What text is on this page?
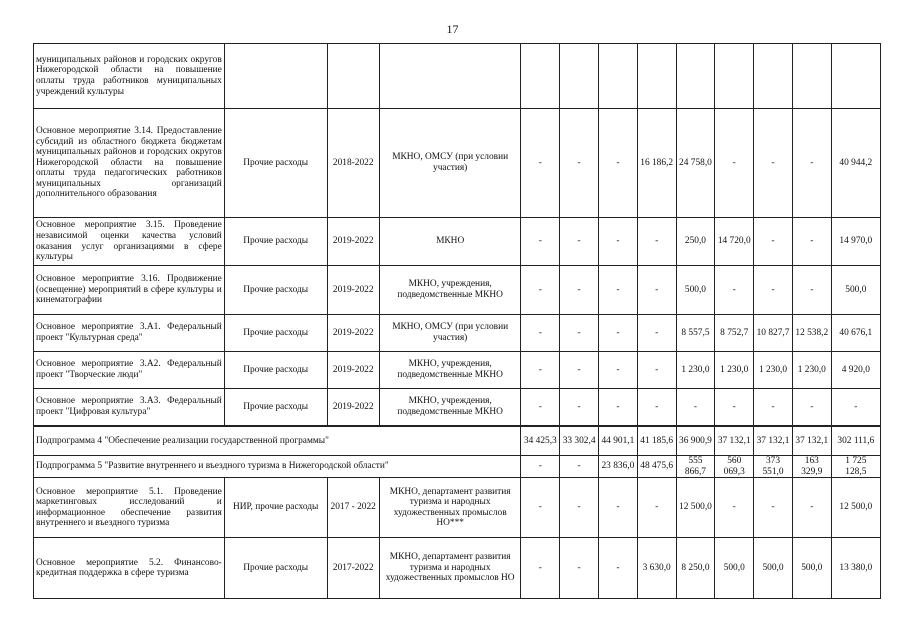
17
муниципальных районов и городских округов Нижегородской области на повышение оплаты труда работников муниципальных учреждений культуры												
Основное мероприятие 3.14. Предоставление субсидий из областного бюджета бюджетам муниципальных районов и городских округов Нижегородской области на повышение оплаты труда педагогических работников муниципальных организаций дополнительного образования	Прочие расходы	2018-2022	МКНО, ОМСУ (при условии участия)	-	-	-	16 186,2	24 758,0	-	-	-	40 944,2
Основное мероприятие 3.15. Проведение независимой оценки качества условий оказания услуг организациями в сфере культуры	Прочие расходы	2019-2022	МКНО	-	-	-	-	250,0	14 720,0	-	-	14 970,0
Основное мероприятие 3.16. Продвижение (освещение) мероприятий в сфере культуры и кинематографии	Прочие расходы	2019-2022	МКНО, учреждения, подведомственные МКНО	-	-	-	-	500,0	-	-	-	500,0
Основное мероприятие 3.А1. Федеральный проект "Культурная среда"	Прочие расходы	2019-2022	МКНО, ОМСУ (при условии участия)	-	-	-	-	8 557,5	8 752,7	10 827,7	12 538,2	40 676,1
Основное мероприятие 3.А2. Федеральный проект "Творческие люди"	Прочие расходы	2019-2022	МКНО, учреждения, подведомственные МКНО	-	-	-	-	1 230,0	1 230,0	1 230,0	1 230,0	4 920,0
Основное мероприятие 3.А3. Федеральный проект "Цифровая культура"	Прочие расходы	2019-2022	МКНО, учреждения, подведомственные МКНО	-	-	-	-	-	-	-	-	-
Подпрограмма 4 "Обеспечение реализации государственной программы"				34 425,3	33 302,4	44 901,1	41 185,6	36 900,9	37 132,1	37 132,1	37 132,1	302 111,6
Подпрограмма 5 "Развитие внутреннего и въездного туризма в Нижегородской области"				-	-	23 836,0	48 475,6	555 866,7	560 069,3	373 551,0	163 329,9	1 725 128,5
Основное мероприятие 5.1. Проведение маркетинговых исследований и информационное обеспечение развития внутреннего и въездного туризма	НИР, прочие расходы	2017 - 2022	МКНО, департамент развития туризма и народных художественных промыслов НО***	-	-	-	-	12 500,0	-	-	-	12 500,0
Основное мероприятие 5.2. Финансово-кредитная поддержка в сфере туризма	Прочие расходы	2017-2022	МКНО, департамент развития туризма и народных художественных промыслов НО	-	-	-	3 630,0	8 250,0	500,0	500,0	500,0	13 380,0
